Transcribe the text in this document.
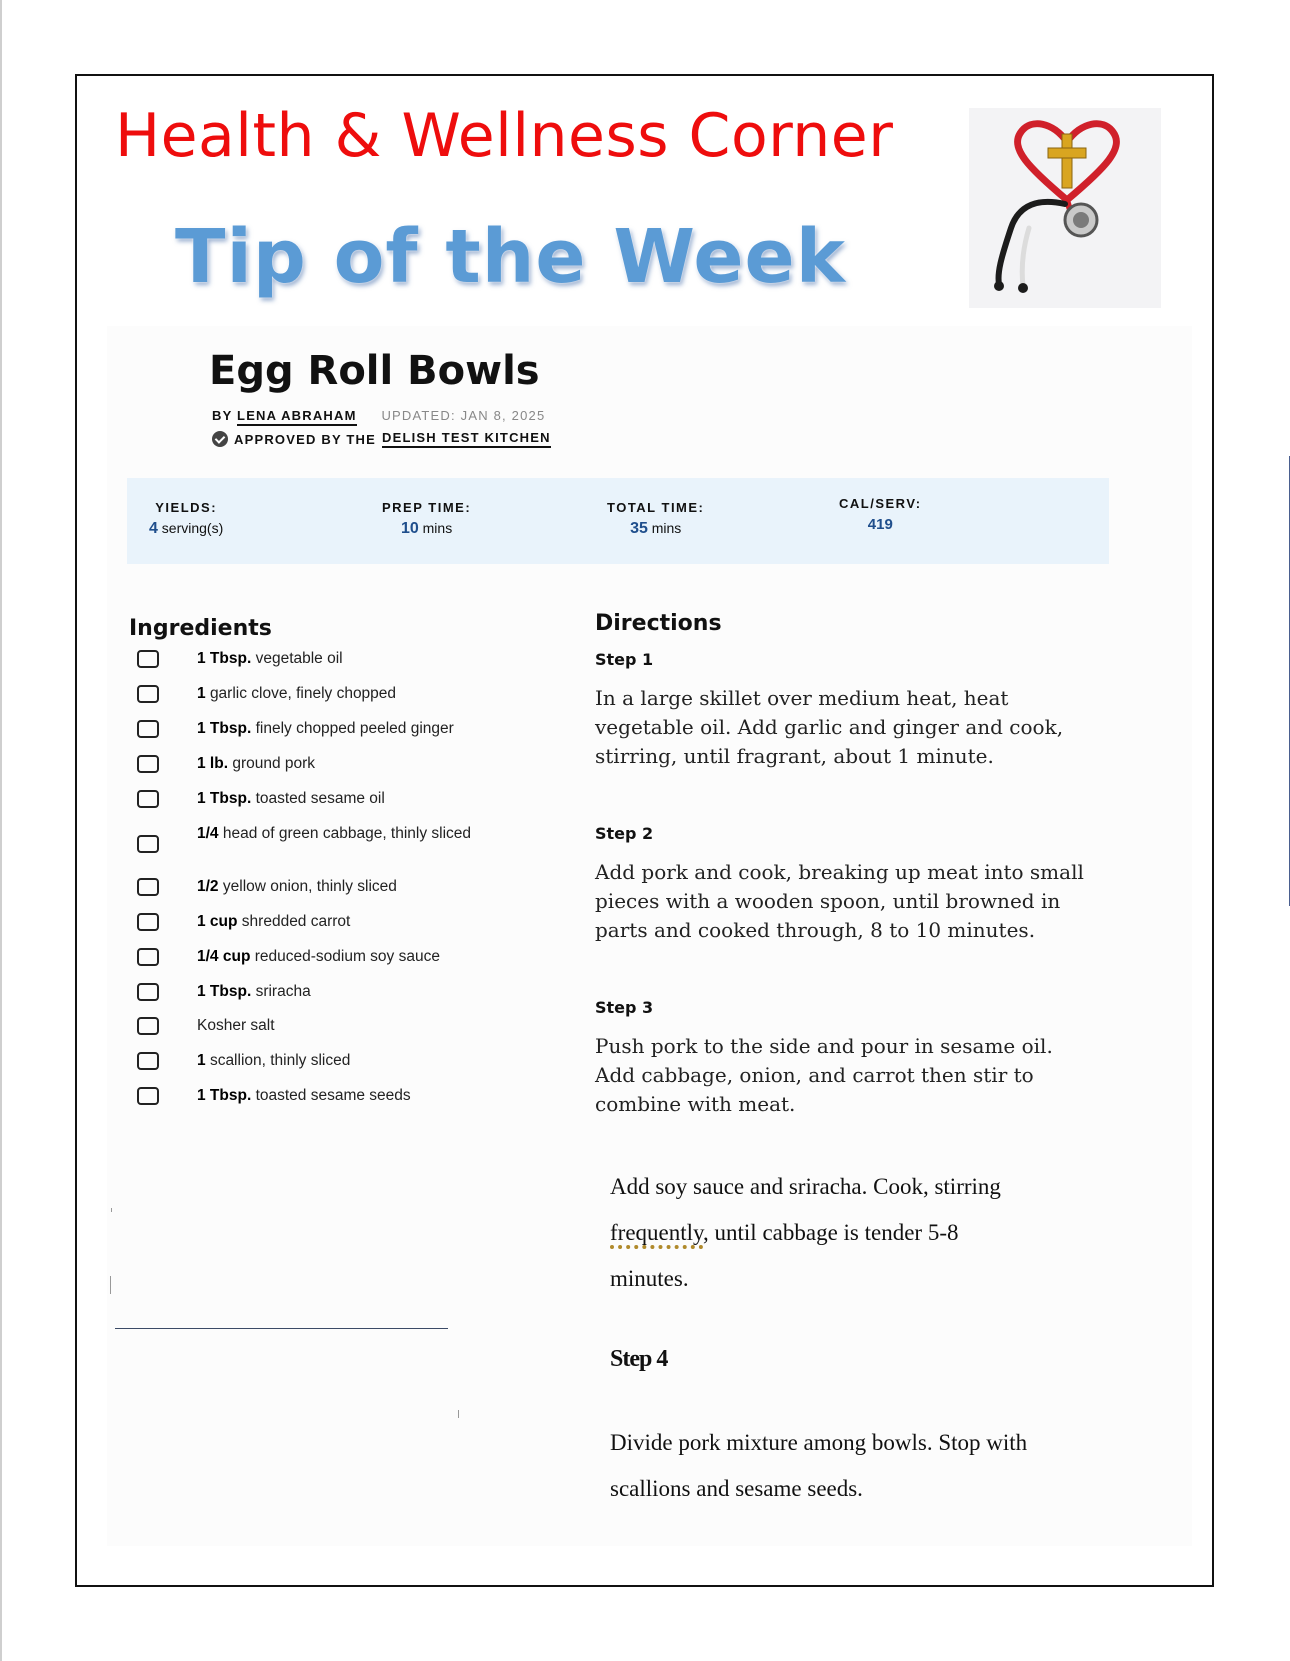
Health & Wellness Corner
Tip of the Week
Egg Roll Bowls
BY LENA ABRAHAM UPDATED: JAN 8, 2025
APPROVED BY THE DELISH TEST KITCHEN
YIELDS:
4 serving(s)
PREP TIME:
10 mins
TOTAL TIME:
35 mins
CAL/SERV:
419
Ingredients
1 Tbsp. vegetable oil
1 garlic clove, finely chopped
1 Tbsp. finely chopped peeled ginger
1 lb. ground pork
1 Tbsp. toasted sesame oil
1/4 head of green cabbage, thinly sliced
1/2 yellow onion, thinly sliced
1 cup shredded carrot
1/4 cup reduced-sodium soy sauce
1 Tbsp. sriracha
Kosher salt
1 scallion, thinly sliced
1 Tbsp. toasted sesame seeds
Directions
Step 1

In a large skillet over medium heat, heat vegetable oil. Add garlic and ginger and cook, stirring, until fragrant, about 1 minute.

Step 2

Add pork and cook, breaking up meat into small pieces with a wooden spoon, until browned in parts and cooked through, 8 to 10 minutes.

Step 3

Push pork to the side and pour in sesame oil. Add cabbage, onion, and carrot then stir to combine with meat.

Add soy sauce and sriracha. Cook, stirring
frequently, until cabbage is tender 5-8
minutes.

Step 4

Divide pork mixture among bowls. Stop with scallions and sesame seeds.
